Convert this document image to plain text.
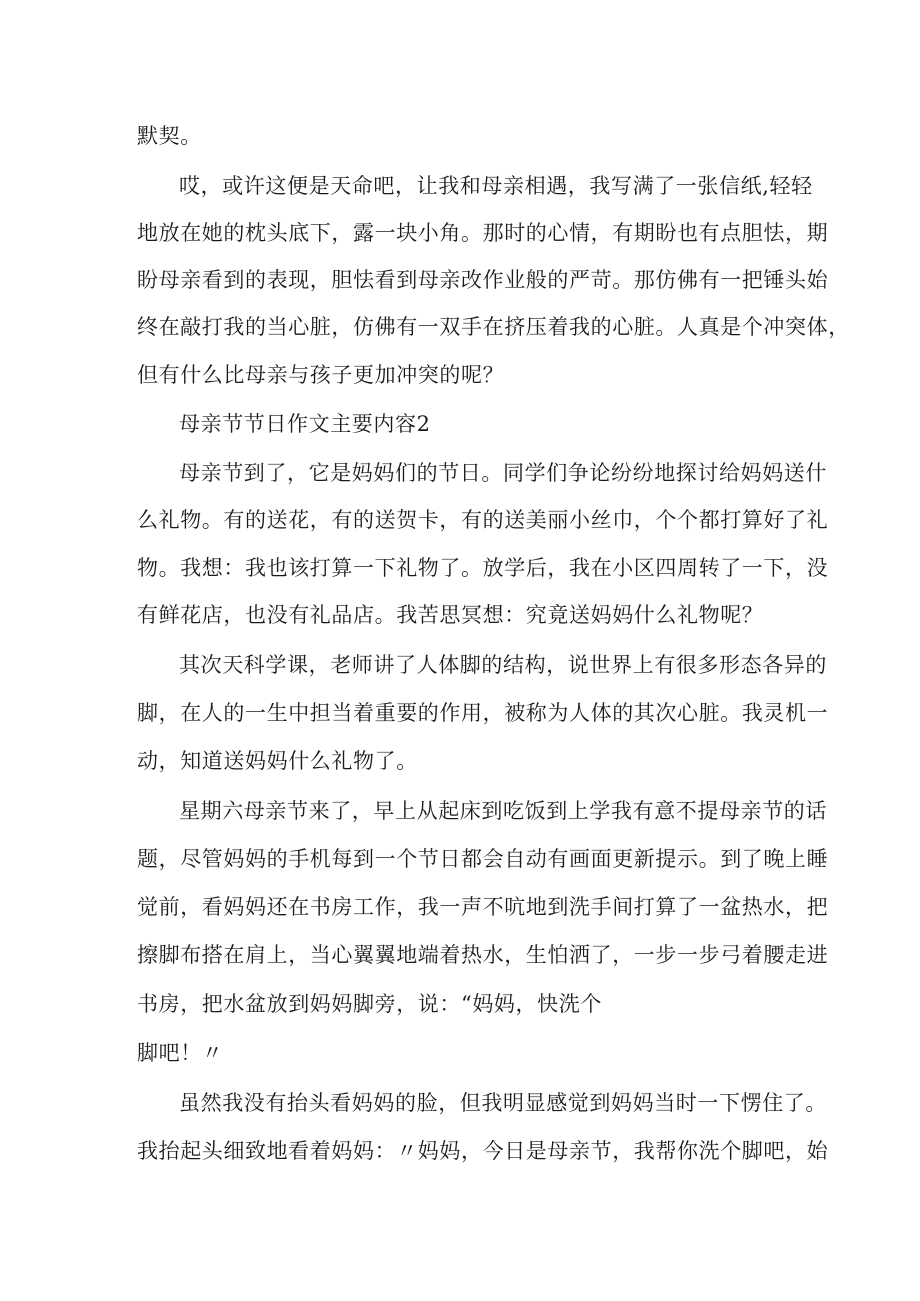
默契。
哎，或许这便是天命吧，让我和母亲相遇，我写满了一张信纸,轻轻
地放在她的枕头底下，露一块小角。那时的心情，有期盼也有点胆怯，期
盼母亲看到的表现，胆怯看到母亲改作业般的严苛。那仿佛有一把锤头始
终在敲打我的当心脏，仿佛有一双手在挤压着我的心脏。人真是个冲突体，
但有什么比母亲与孩子更加冲突的呢？
母亲节节日作文主要内容2
母亲节到了，它是妈妈们的节日。同学们争论纷纷地探讨给妈妈送什
么礼物。有的送花，有的送贺卡，有的送美丽小丝巾，个个都打算好了礼
物。我想：我也该打算一下礼物了。放学后，我在小区四周转了一下，没
有鲜花店，也没有礼品店。我苦思冥想：究竟送妈妈什么礼物呢？
其次天科学课，老师讲了人体脚的结构，说世界上有很多形态各异的
脚，在人的一生中担当着重要的作用，被称为人体的其次心脏。我灵机一
动，知道送妈妈什么礼物了。
星期六母亲节来了，早上从起床到吃饭到上学我有意不提母亲节的话
题，尽管妈妈的手机每到一个节日都会自动有画面更新提示。到了晚上睡
觉前，看妈妈还在书房工作，我一声不吭地到洗手间打算了一盆热水，把
擦脚布搭在肩上，当心翼翼地端着热水，生怕洒了，一步一步弓着腰走进
书房，把水盆放到妈妈脚旁，说：“妈妈，快洗个
脚吧！〃
虽然我没有抬头看妈妈的脸，但我明显感觉到妈妈当时一下愣住了。
我抬起头细致地看着妈妈：〃妈妈，今日是母亲节，我帮你洗个脚吧，始
